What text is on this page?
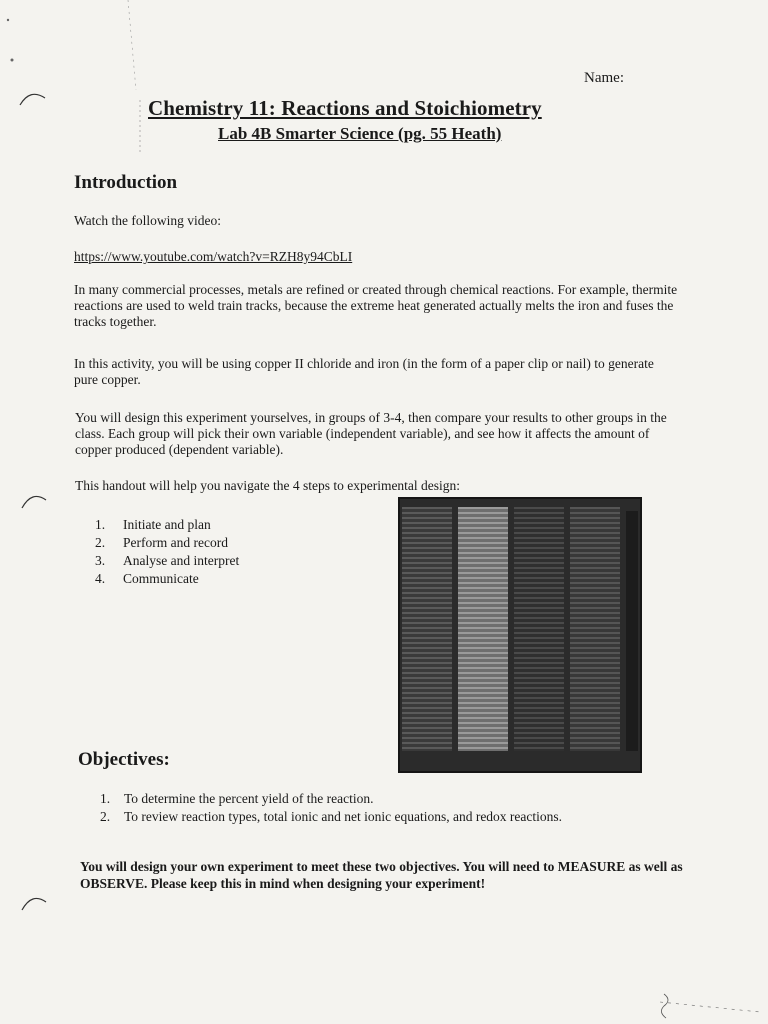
Name:
Chemistry 11: Reactions and Stoichiometry
Lab 4B Smarter Science (pg. 55 Heath)
Introduction
Watch the following video:
https://www.youtube.com/watch?v=RZH8y94CbLI
In many commercial processes, metals are refined or created through chemical reactions. For example, thermite reactions are used to weld train tracks, because the extreme heat generated actually melts the iron and fuses the tracks together.
In this activity, you will be using copper II chloride and iron (in the form of a paper clip or nail) to generate pure copper.
You will design this experiment yourselves, in groups of 3-4, then compare your results to other groups in the class. Each group will pick their own variable (independent variable), and see how it affects the amount of copper produced (dependent variable).
This handout will help you navigate the 4 steps to experimental design:
1. Initiate and plan
2. Perform and record
3. Analyse and interpret
4. Communicate
Objectives:
1. To determine the percent yield of the reaction.
2. To review reaction types, total ionic and net ionic equations, and redox reactions.
You will design your own experiment to meet these two objectives. You will need to MEASURE as well as OBSERVE. Please keep this in mind when designing your experiment!
